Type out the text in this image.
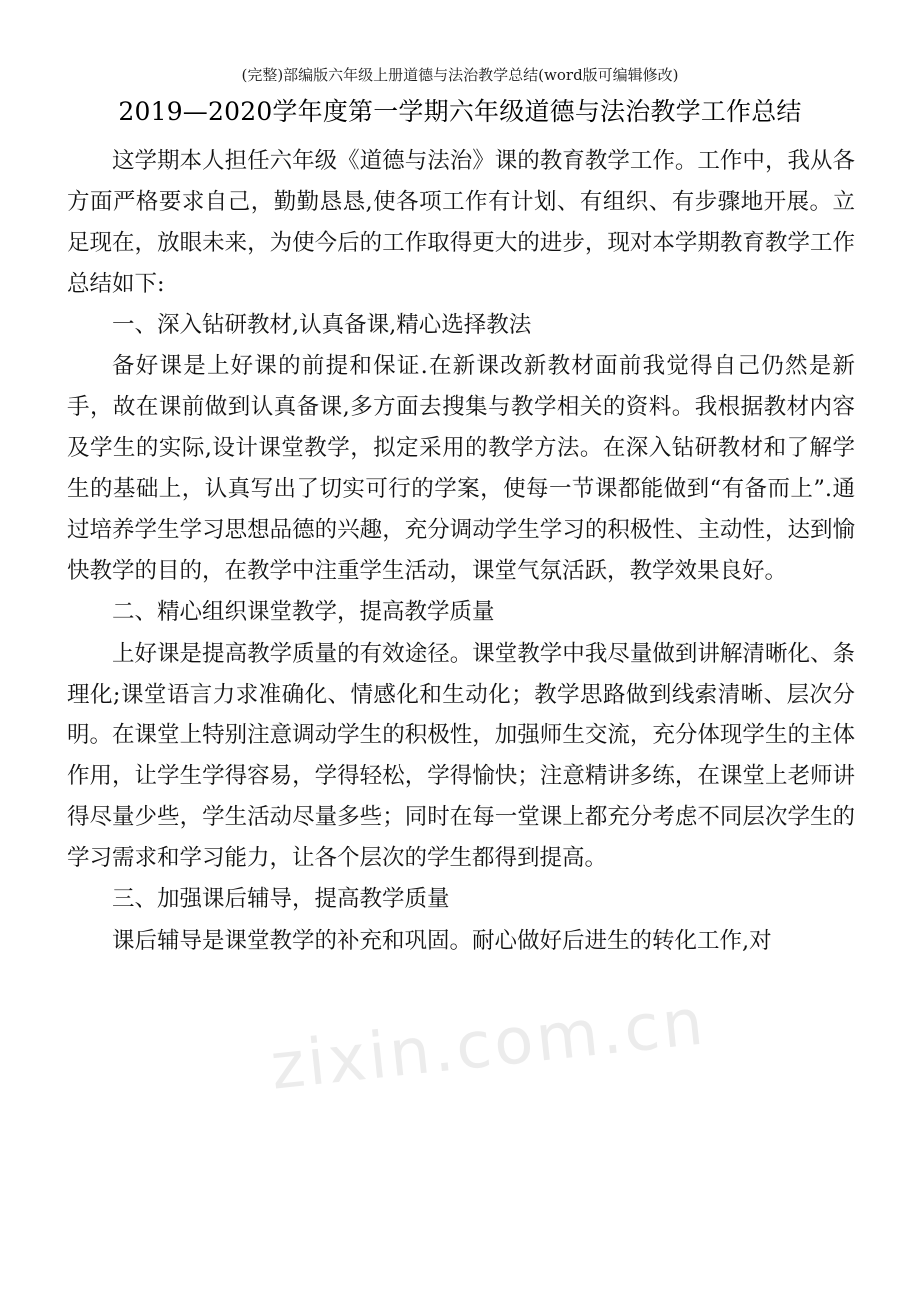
(完整)部编版六年级上册道德与法治教学总结(word版可编辑修改)
2019—2020学年度第一学期六年级道德与法治教学工作总结

这学期本人担任六年级《道德与法治》课的教育教学工作。工作中，我从各方面严格要求自己，勤勤恳恳,使各项工作有计划、有组织、有步骤地开展。立足现在，放眼未来，为使今后的工作取得更大的进步，现对本学期教育教学工作总结如下:

一、深入钻研教材,认真备课,精心选择教法

备好课是上好课的前提和保证.在新课改新教材面前我觉得自己仍然是新手，故在课前做到认真备课,多方面去搜集与教学相关的资料。我根据教材内容及学生的实际,设计课堂教学，拟定采用的教学方法。在深入钻研教材和了解学生的基础上，认真写出了切实可行的学案，使每一节课都能做到“有备而上”.通过培养学生学习思想品德的兴趣，充分调动学生学习的积极性、主动性，达到愉快教学的目的，在教学中注重学生活动，课堂气氛活跃，教学效果良好。

二、精心组织课堂教学，提高教学质量

上好课是提高教学质量的有效途径。课堂教学中我尽量做到讲解清晰化、条理化;课堂语言力求准确化、情感化和生动化；教学思路做到线索清晰、层次分明。在课堂上特别注意调动学生的积极性，加强师生交流，充分体现学生的主体作用，让学生学得容易，学得轻松，学得愉快；注意精讲多练，在课堂上老师讲得尽量少些，学生活动尽量多些；同时在每一堂课上都充分考虑不同层次学生的学习需求和学习能力，让各个层次的学生都得到提高。

三、加强课后辅导，提高教学质量

课后辅导是课堂教学的补充和巩固。耐心做好后进生的转化工作,对

zixin.com.cn
